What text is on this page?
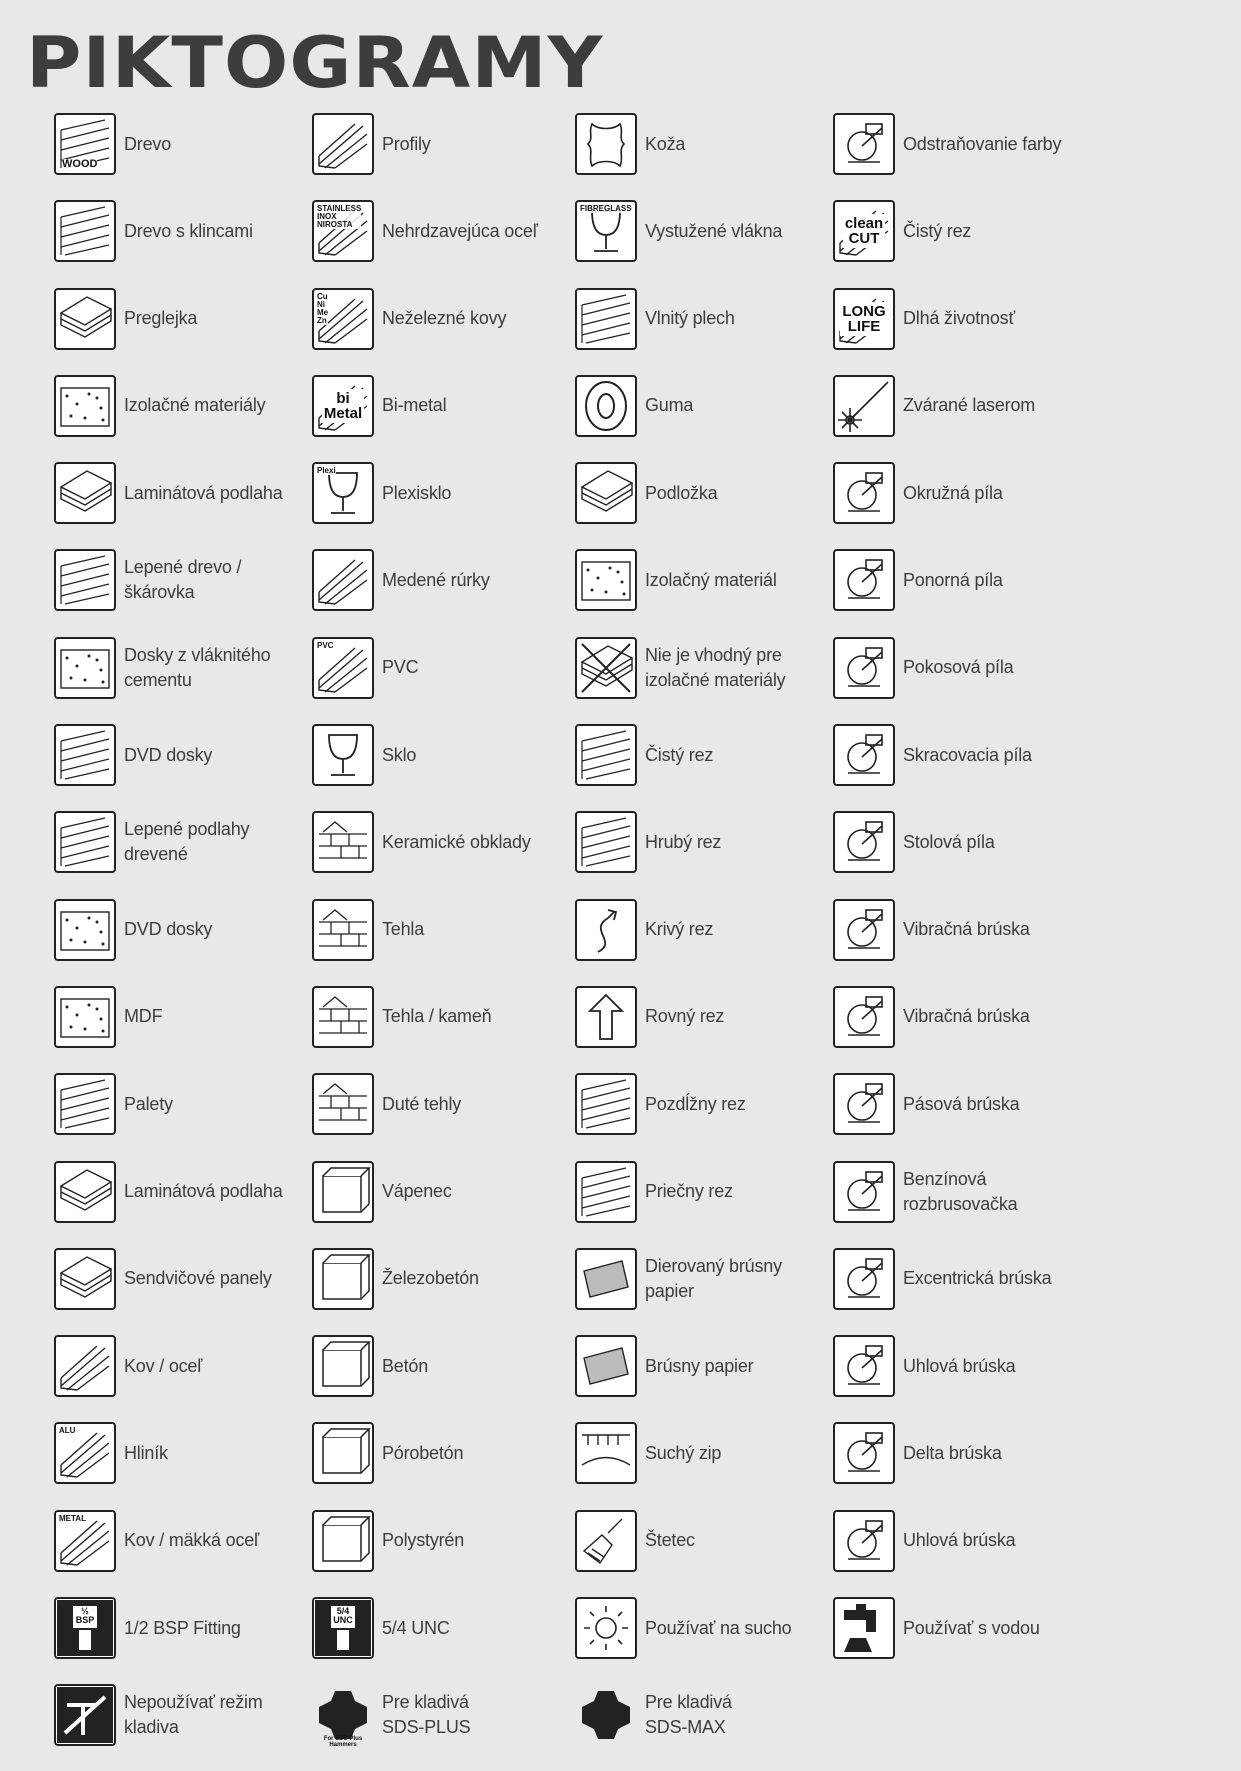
PIKTOGRAMY
WOOD
Drevo
Drevo s klincami
Preglejka
Izolačné materiály
Laminátová podlaha
Lepené drevo /
škárovka
Dosky z vláknitého
cementu
DVD dosky
Lepené podlahy
drevené
DVD dosky
MDF
Palety
Laminátová podlaha
Sendvičové panely
Kov / oceľ
ALU
Hliník
METAL
Kov / mäkká oceľ
½
BSP 1/2 BSP Fitting
Nepoužívať režim
kladiva
Profily
STAINLESS
INOX
NIROSTA	Nehrdzavejúca oceľ
Cu
Ni
Me
Zn	Neželezné kovy
bi
Metal Bi-metal
Plexi
Plexisklo
Medené rúrky
PVC
PVC
Sklo
Keramické obklady
Tehla
Tehla / kameň
Duté tehly
Vápenec
Železobetón
Betón
Pórobetón
Polystyrén
5/4
UNC 5/4 UNC
For SDS-Plus
Hammers
Pre kladivá
SDS-PLUS
Koža
FIBREGLASS
Vystužené vlákna
Vlnitý plech
Guma
Podložka
Izolačný materiál
Nie je vhodný pre
izolačné materiály
Čistý rez
Hrubý rez
Krivý rez
Rovný rez
Pozdĺžny rez
Priečny rez
Dierovaný brúsny
papier
Brúsny papier
Suchý zip
Štetec
Používať na sucho
Pre kladivá
SDS-MAX
Odstraňovanie farby
clean
CUT	Čistý rez
LONG
LIFE	Dlhá životnosť
Zvárané laserom
Okružná píla
Ponorná píla
Pokosová píla
Skracovacia píla
Stolová píla
Vibračná brúska
Vibračná brúska
Pásová brúska
Benzínová
rozbrusovačka
Excentrická brúska
Uhlová brúska
Delta brúska
Uhlová brúska
Používať s vodou
